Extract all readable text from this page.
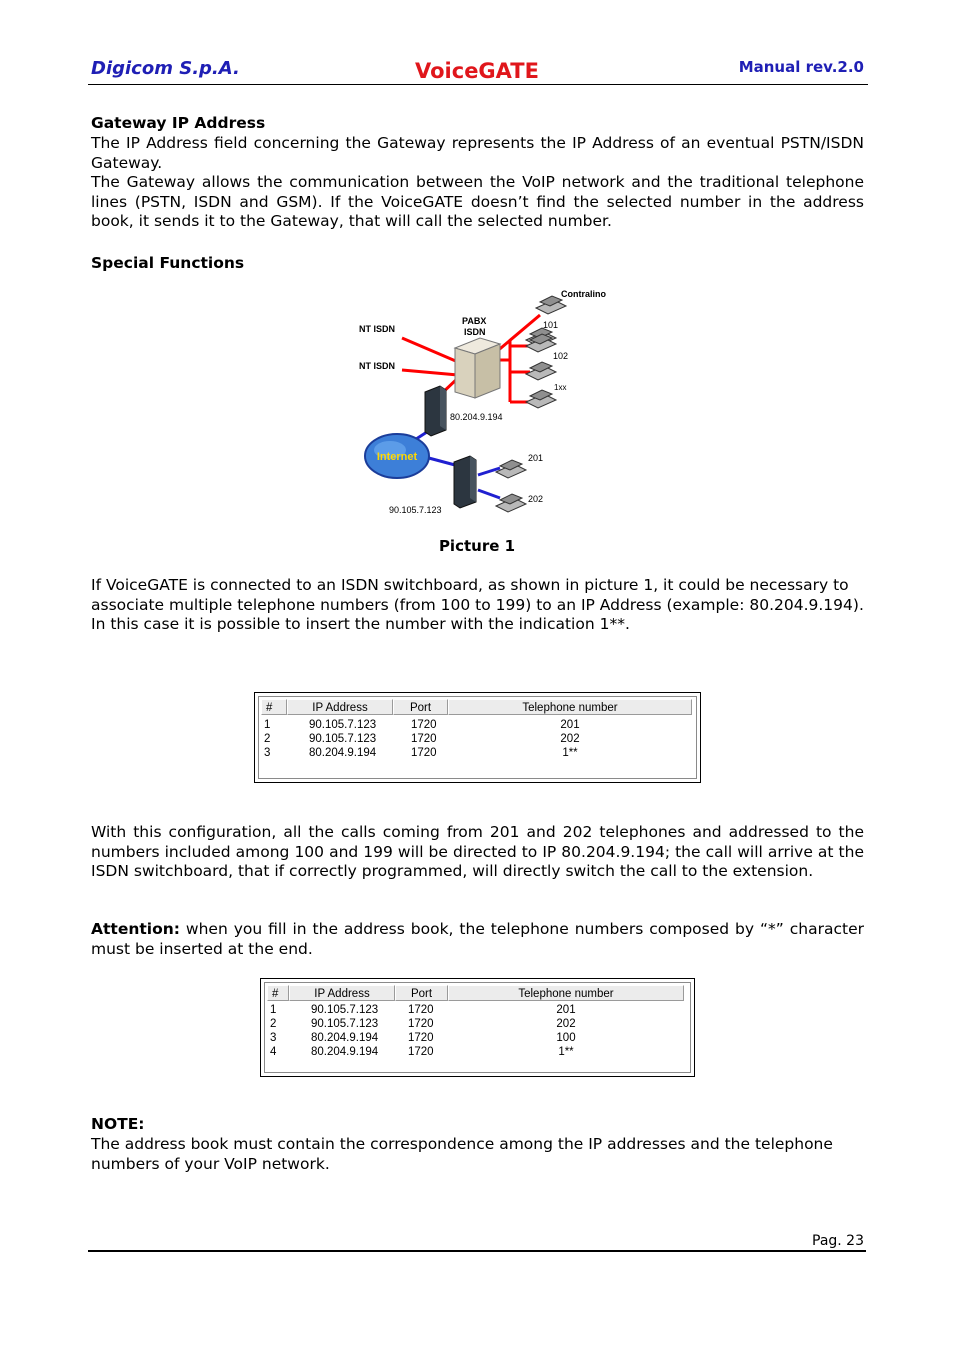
Digicom S.p.A.	VoiceGATE	Manual rev.2.0
Gateway IP Address
The IP Address field concerning the Gateway represents the IP Address of an eventual PSTN/ISDN Gateway.
The Gateway allows the communication between the VoIP network and the traditional telephone lines (PSTN, ISDN and GSM). If the VoiceGATE doesn’t find the selected number in the address book, it sends it to the Gateway, that will call the selected number.
Special Functions
Internet
Contralino
101
102
1xx
PABX
ISDN
NT ISDN
NT ISDN
80.204.9.194
201
202
90.105.7.123
Picture 1
If VoiceGATE is connected to an ISDN switchboard, as shown in picture 1, it could be necessary to associate multiple telephone numbers (from 100 to 199) to an IP Address (example: 80.204.9.194). In this case it is possible to insert the number with the indication 1**.
#	IP Address	Port	Telephone number
1	90.105.7.123	1720	201
2	90.105.7.123	1720	202
3	80.204.9.194	1720	1**
With this configuration, all the calls coming from 201 and 202 telephones and addressed to the numbers included among 100 and 199 will be directed to IP 80.204.9.194; the call will arrive at the ISDN switchboard, that if correctly programmed, will directly switch the call to the extension.
Attention: when you fill in the address book, the telephone numbers composed by “*” character must be inserted at the end.
#	IP Address	Port	Telephone number
1	90.105.7.123	1720	201
2	90.105.7.123	1720	202
3	80.204.9.194	1720	100
4	80.204.9.194	1720	1**
NOTE:
The address book must contain the correspondence among the IP addresses and the telephone numbers of your VoIP network.
Pag. 23
